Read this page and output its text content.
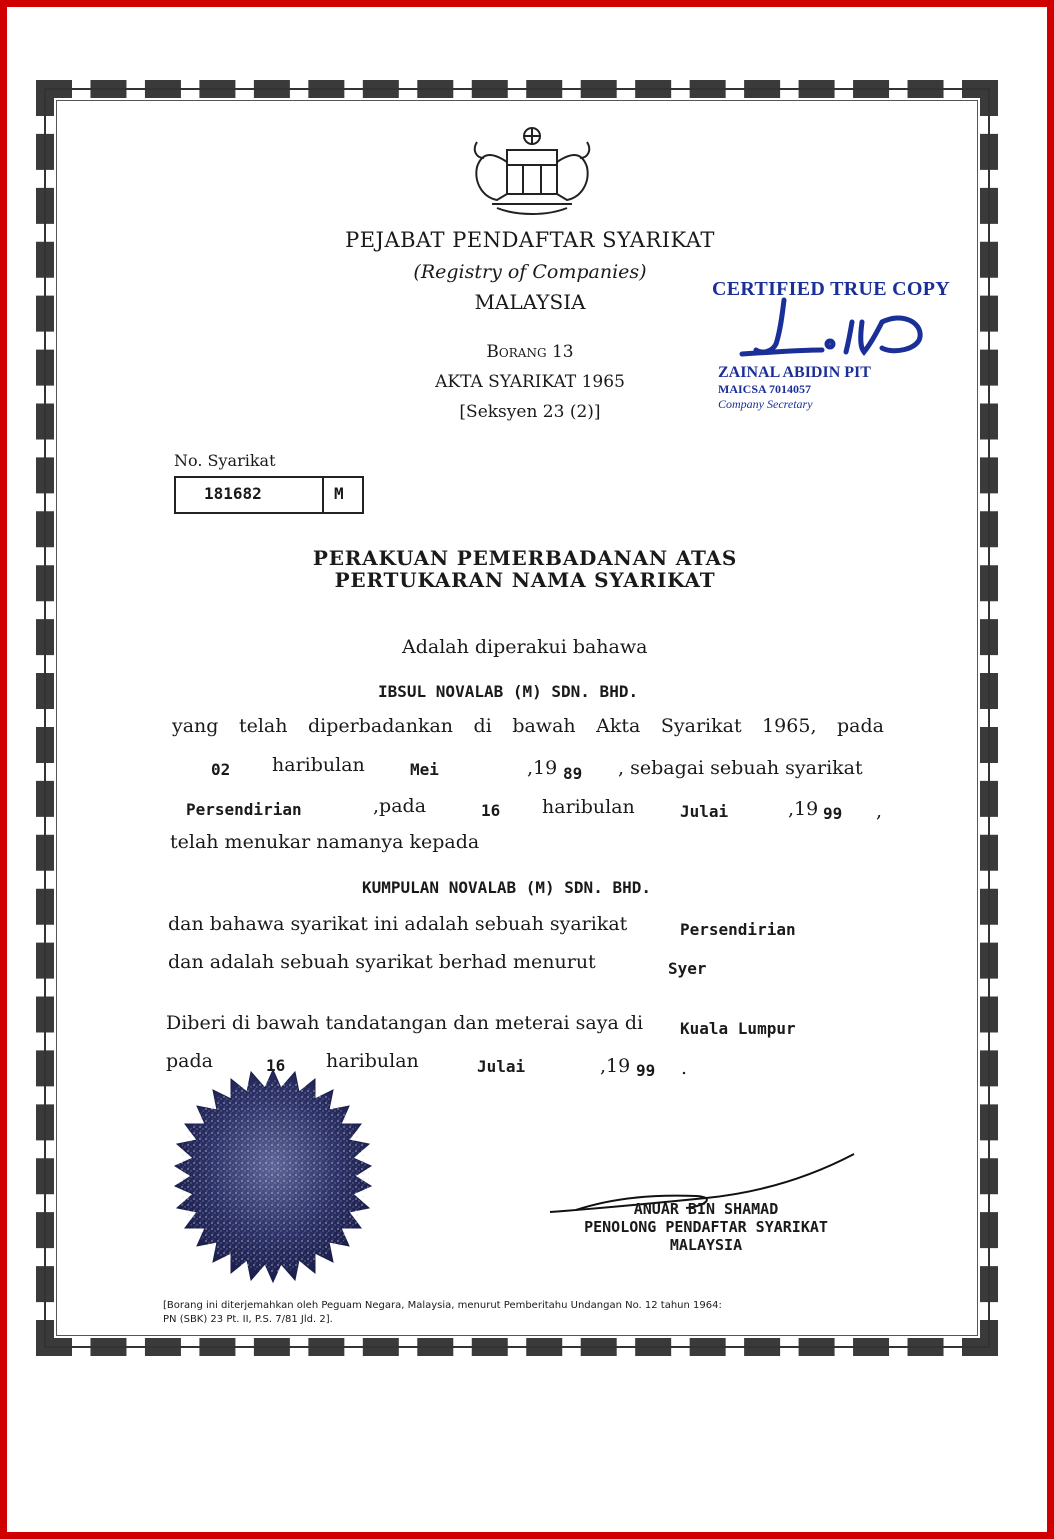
PEJABAT PENDAFTAR SYARIKAT
(Registry of Companies)
MALAYSIA
Borang 13
AKTA SYARIKAT 1965
[Seksyen 23 (2)]
CERTIFIED TRUE COPY
ZAINAL ABIDIN PIT
MAICSA 7014057
Company Secretary
No. Syarikat
181682	M
PERAKUAN PEMERBADANAN ATAS
PERTUKARAN NAMA SYARIKAT
Adalah diperakui bahawa
IBSUL NOVALAB (M) SDN. BHD.
yang telah diperbadankan di bawah Akta Syarikat 1965, pada
02 haribulan	Mei	,19 89 , sebagai sebuah syarikat
Persendirian	,pada	16 haribulan	Julai	,19 99 ,
telah menukar namanya kepada
KUMPULAN NOVALAB (M) SDN. BHD.
dan bahawa syarikat ini adalah sebuah syarikat	Persendirian
dan adalah sebuah syarikat berhad menurut	Syer
Diberi di bawah tandatangan dan meterai saya di Kuala Lumpur
pada	16 haribulan	Julai	,19 99 .
ANUAR BIN SHAMAD
PENOLONG PENDAFTAR SYARIKAT
MALAYSIA
[Borang ini diterjemahkan oleh Peguam Negara, Malaysia, menurut Pemberitahu Undangan No. 12 tahun 1964:
PN (SBK) 23 Pt. II, P.S. 7/81 Jld. 2].
